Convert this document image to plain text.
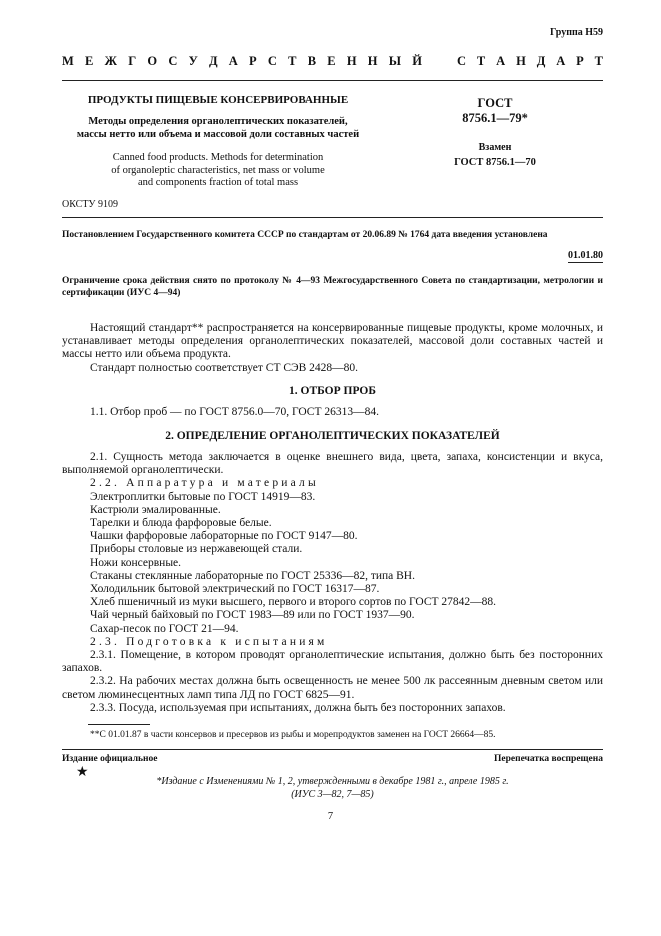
Группа Н59
М Е Ж Г О С У Д А Р С Т В Е Н Н Ы Й	С Т А Н Д А Р Т
ПРОДУКТЫ ПИЩЕВЫЕ КОНСЕРВИРОВАННЫЕ
Методы определения органолептических показателей,
массы нетто или объема и массовой доли составных частей
Canned food products. Methods for determination
of organoleptic characteristics, net mass or volume
and components fraction of total mass
ГОСТ
8756.1—79*
Взамен
ГОСТ 8756.1—70
ОКСТУ 9109
Постановлением Государственного комитета СССР по стандартам от 20.06.89 № 1764 дата введения установлена
01.01.80
Ограничение срока действия снято по протоколу № 4—93 Межгосударственного Совета по стандартизации, метрологии и сертификации (ИУС 4—94)
Настоящий стандарт** распространяется на консервированные пищевые продукты, кроме молочных, и устанавливает методы определения органолептических показателей, массовой доли составных частей и массы нетто или объема продукта.
Стандарт полностью соответствует СТ СЭВ 2428—80.
1. ОТБОР ПРОБ
1.1. Отбор проб — по ГОСТ 8756.0—70, ГОСТ 26313—84.
2. ОПРЕДЕЛЕНИЕ ОРГАНОЛЕПТИЧЕСКИХ ПОКАЗАТЕЛЕЙ

2.1. Сущность метода заключается в оценке внешнего вида, цвета, запаха, консистенции и вкуса, выполняемой органолептически.

2.2. Аппаратура и материалы

Электроплитки бытовые по ГОСТ 14919—83.

Кастрюли эмалированные.

Тарелки и блюда фарфоровые белые.

Чашки фарфоровые лабораторные по ГОСТ 9147—80.

Приборы столовые из нержавеющей стали.

Ножи консервные.

Стаканы стеклянные лабораторные по ГОСТ 25336—82, типа ВН.

Холодильник бытовой электрический по ГОСТ 16317—87.

Хлеб пшеничный из муки высшего, первого и второго сортов по ГОСТ 27842—88.

Чай черный байховый по ГОСТ 1983—89 или по ГОСТ 1937—90.

Сахар-песок по ГОСТ 21—94.

2.3. Подготовка к испытаниям

2.3.1. Помещение, в котором проводят органолептические испытания, должно быть без посторонних запахов.

2.3.2. На рабочих местах должна быть освещенность не менее 500 лк рассеянным дневным светом или светом люминесцентных ламп типа ЛД по ГОСТ 6825—91.

2.3.3. Посуда, используемая при испытаниях, должна быть без посторонних запахов.

**С 01.01.87 в части консервов и пресервов из рыбы и морепродуктов заменен на ГОСТ 26664—85.
Издание официальное	Перепечатка воспрещена
★
*Издание с Изменениями № 1, 2, утвержденными в декабре 1981 г., апреле 1985 г.
(ИУС 3—82, 7—85)
7
